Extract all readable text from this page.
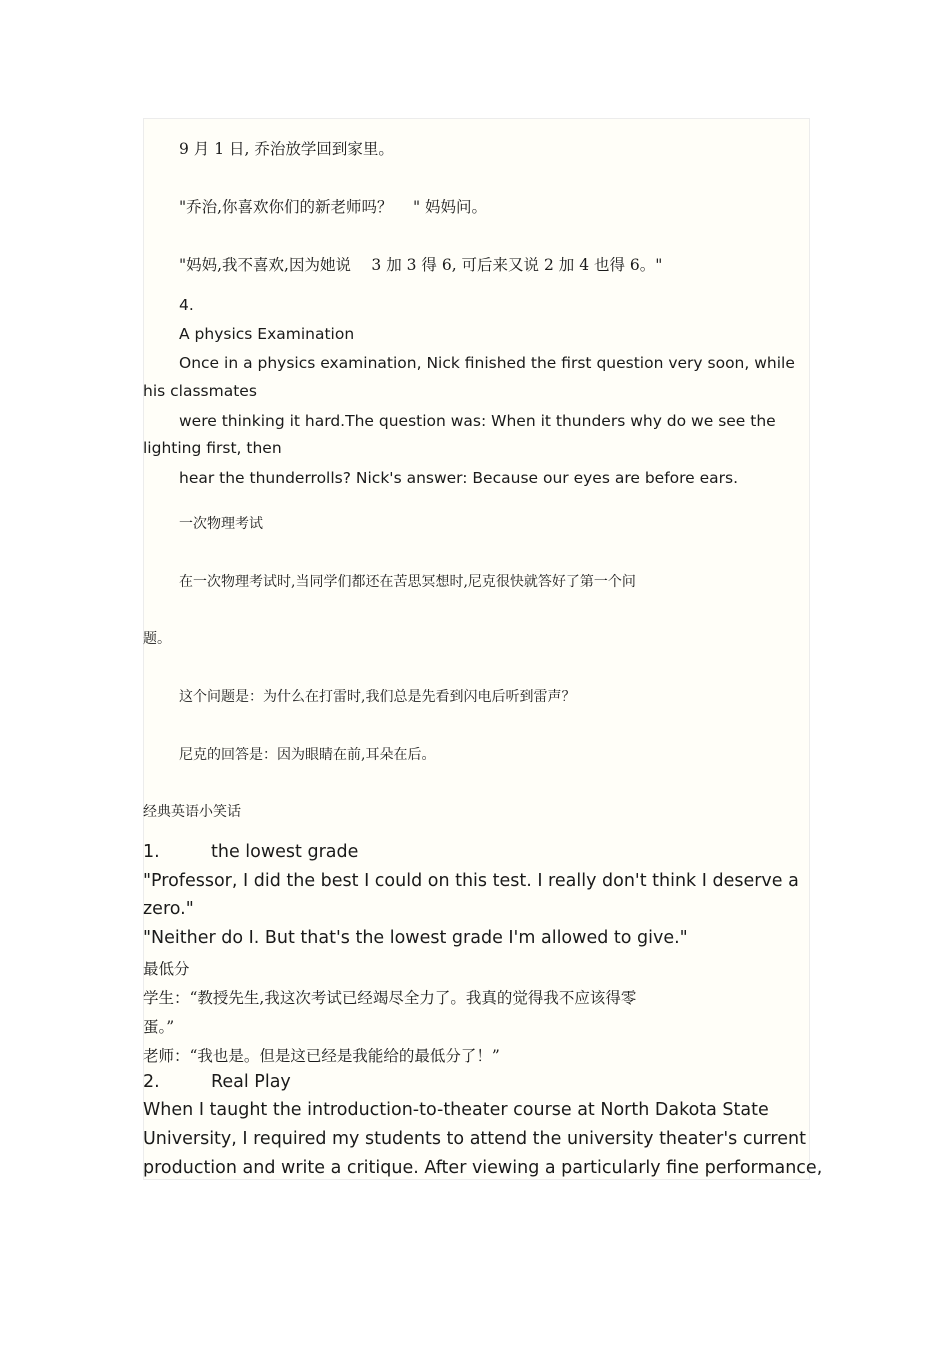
9 月 1 日, 乔治放学回到家里。
"乔治,你喜欢你们的新老师吗？　 " 妈妈问。
"妈妈,我不喜欢,因为她说　 3 加 3 得 6, 可后来又说 2 加 4 也得 6。"
4.
A physics Examination
Once in a physics examination, Nick finished the first question very soon, while
his classmates
were thinking it hard.The question was: When it thunders why do we see the
lighting first, then
hear the thunderrolls? Nick's answer: Because our eyes are before ears.
一次物理考试
在一次物理考试时,当同学们都还在苦思冥想时,尼克很快就答好了第一个问
题。
这个问题是：为什么在打雷时,我们总是先看到闪电后听到雷声？
尼克的回答是：因为眼睛在前,耳朵在后。
经典英语小笑话
1.	the lowest grade
"Professor, I did the best I could on this test. I really don't think I deserve a
zero."
"Neither do I. But that's the lowest grade I'm allowed to give."
最低分
学生：“教授先生,我这次考试已经竭尽全力了。我真的觉得我不应该得零
蛋。”
老师：“我也是。但是这已经是我能给的最低分了！”
2.	Real Play
When I taught the introduction-to-theater course at North Dakota State
University, I required my students to attend the university theater's current
production and write a critique. After viewing a particularly fine performance,
